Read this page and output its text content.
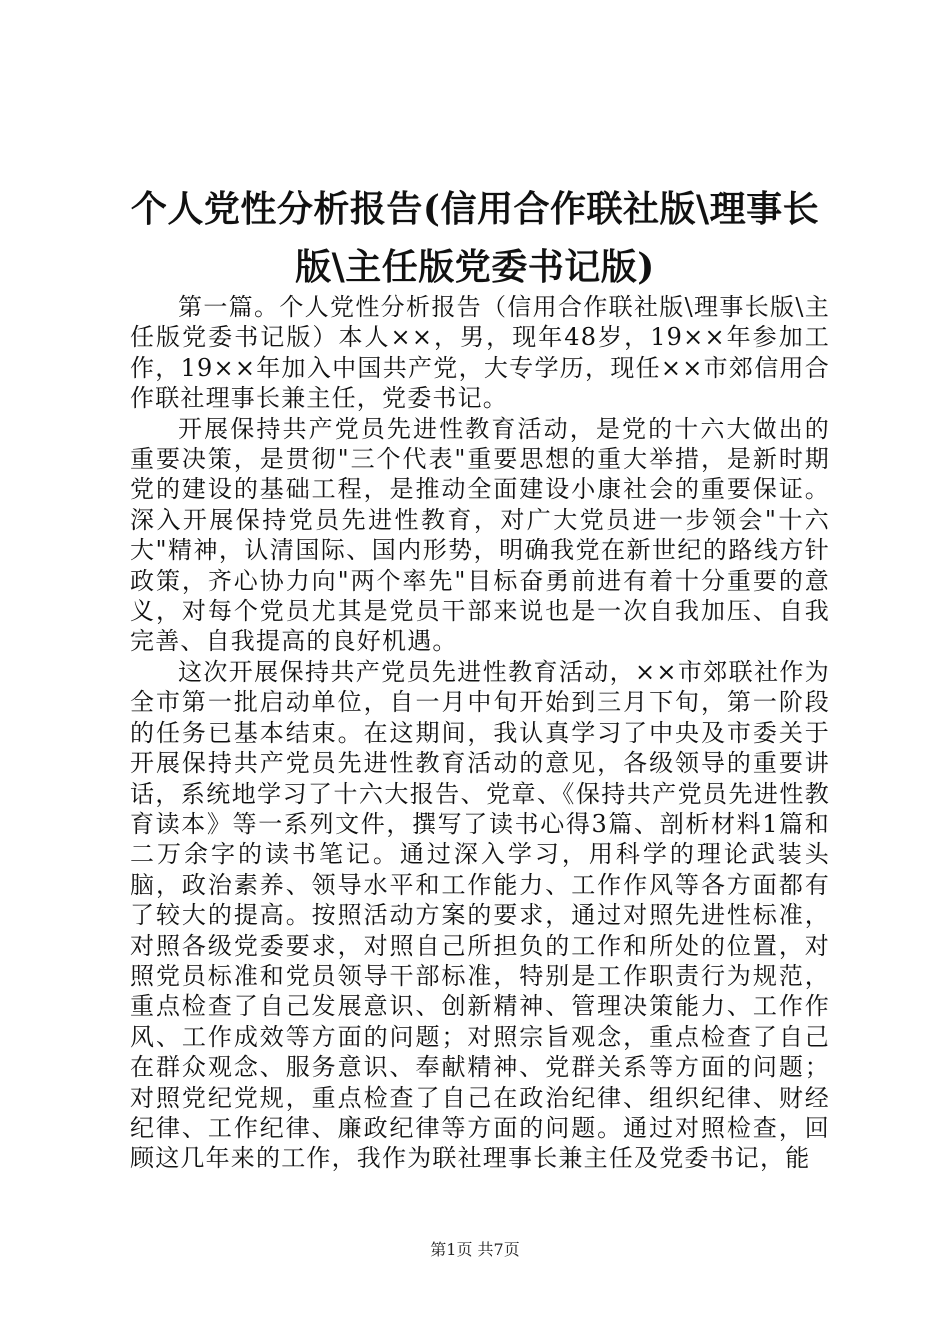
个人党性分析报告(信用合作联社版\理事长版\主任版党委书记版)

第一篇。个人党性分析报告（信用合作联社版\理事长版\主任版党委书记版）本人××，男，现年48岁，19××年参加工作，19××年加入中国共产党，大专学历，现任××市郊信用合作联社理事长兼主任，党委书记。

开展保持共产党员先进性教育活动，是党的十六大做出的重要决策，是贯彻"三个代表"重要思想的重大举措，是新时期党的建设的基础工程，是推动全面建设小康社会的重要保证。深入开展保持党员先进性教育，对广大党员进一步领会"十六大"精神，认清国际、国内形势，明确我党在新世纪的路线方针政策，齐心协力向"两个率先"目标奋勇前进有着十分重要的意义，对每个党员尤其是党员干部来说也是一次自我加压、自我完善、自我提高的良好机遇。

这次开展保持共产党员先进性教育活动，××市郊联社作为全市第一批启动单位，自一月中旬开始到三月下旬，第一阶段的任务已基本结束。在这期间，我认真学习了中央及市委关于开展保持共产党员先进性教育活动的意见，各级领导的重要讲话，系统地学习了十六大报告、党章、《保持共产党员先进性教育读本》等一系列文件，撰写了读书心得3篇、剖析材料1篇和二万余字的读书笔记。通过深入学习，用科学的理论武装头脑，政治素养、领导水平和工作能力、工作作风等各方面都有了较大的提高。按照活动方案的要求，通过对照先进性标准，对照各级党委要求，对照自己所担负的工作和所处的位置，对照党员标准和党员领导干部标准，特别是工作职责行为规范，重点检查了自己发展意识、创新精神、管理决策能力、工作作风、工作成效等方面的问题；对照宗旨观念，重点检查了自己在群众观念、服务意识、奉献精神、党群关系等方面的问题；对照党纪党规，重点检查了自己在政治纪律、组织纪律、财经纪律、工作纪律、廉政纪律等方面的问题。通过对照检查，回顾这几年来的工作，我作为联社理事长兼主任及党委书记，能

第1页 共7页
